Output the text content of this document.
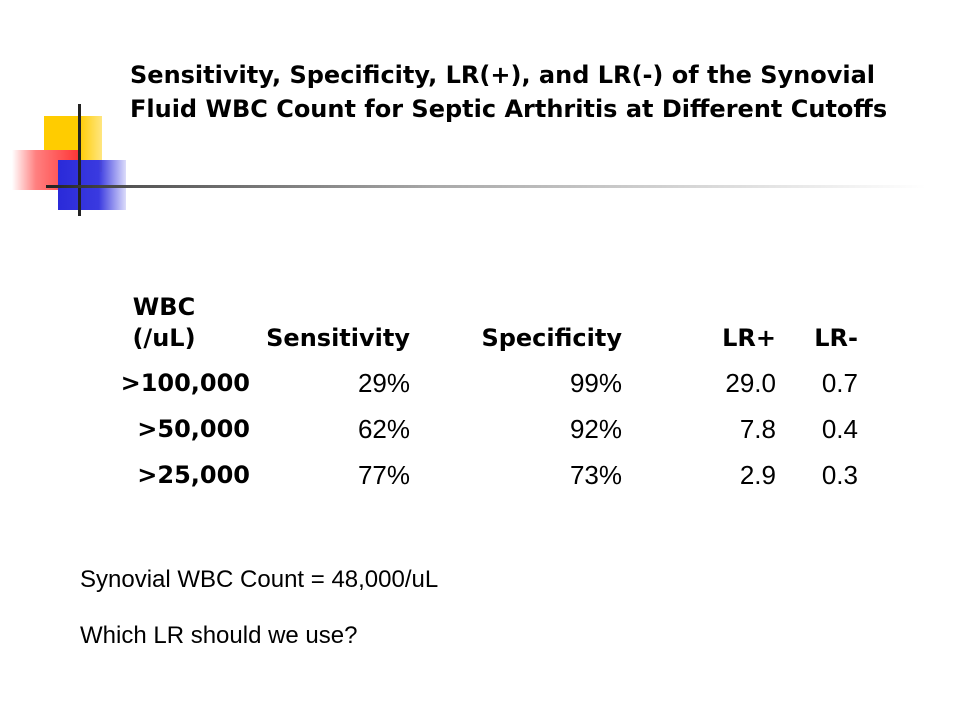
Sensitivity, Specificity, LR(+), and LR(-) of the Synovial Fluid WBC Count for Septic Arthritis at Different Cutoffs
WBC
(/uL)	Sensitivity	Specificity	LR+	LR-
>100,000	29%	99%	29.0	0.7
>50,000	62%	92%	7.8	0.4
>25,000	77%	73%	2.9	0.3
Synovial WBC Count = 48,000/uL
Which LR should we use?
